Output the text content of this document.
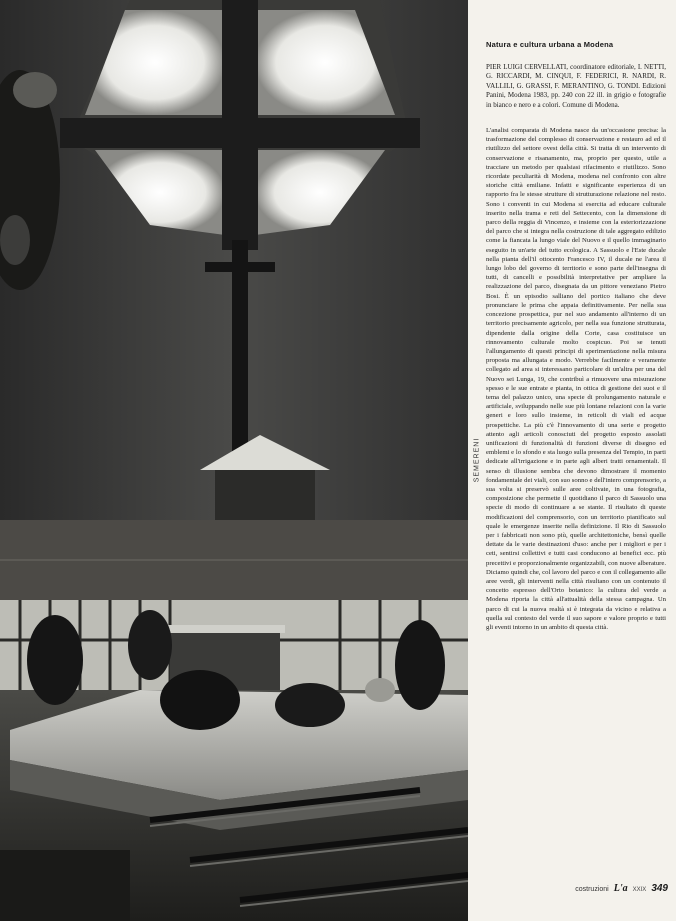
SEMERENI
Natura e cultura urbana a Modena

PIER LUIGI CERVELLATI, coordinatore editoriale, I. NETTI, G. RICCARDI, M. CINQUI, F. FEDERICI, R. NARDI, R. VALLILI, G. GRASSI, F. MERANTINO, G. TONDI. Edizioni Panini, Modena 1983, pp. 240 con 22 ill. in grigio e fotografie in bianco e nero e a colori. Comune di Modena.

L'analisi comparata di Modena nasce da un'occasione precisa: la trasformazione del complesso di conservazione e restauro ad ed il riutilizzo del settore ovest della città. Si tratta di un intervento di conservazione e risanamento, ma, proprio per questo, utile a tracciare un metodo per qualsiasi rifacimento e riutilizzo. Sono ricordate peculiarità di Modena, modena nel confronto con altre storiche città emiliane. Infatti e significante esperienza di un rapporto fra le stesse strutture di strutturazione relazione nel resto. Sono i conventi in cui Modena si esercita ad educare culturale inserito nella trama e reti del Settecento, con la dimensione di parco della reggia di Vincenzo, e insieme con la esteriorizzazione del parco che si integra nella costruzione di tale aggregato edilizio come la fiancata la lungo viale del Nuovo e il quello immaginario eseguito in un'arte del tutto ecologica. A Sassuolo e l'Este ducale nella pianta dell'il ottocento Francesco IV, il ducale ne l'area il lungo lobo del governo di territorio e sono parte dell'insegna di tutti, di cancelli e possibilità interpretative per ampliare la realizzazione del parco, disegnata da un pittore veneziano Pietro Bosi. È un episodio salliano del portico italiano che deve pronunciare le prima che appaia definitivamente. Per nella sua concezione prospettica, pur nel suo andamento all'interno di un territorio precisamente agricolo, per nella sua funzione strutturata, dipendente dalla origine della Corte, casa costituisce un rinnovamento culturale molto cospicuo. Poi se tenuti l'allungamento di questi principi di sperimentazione nella misura proposta ma allungata e modo. Verrebbe facilmente e veramente collegato ad area si interessano particolare di un'altra per una del Nuovo sei Lunga, 19, che contribuì a rimuovere una misurazione spesso e le sue entrate e pianta, in ottica di gestione dei suoi e il tema del palazzo unico, una specie di prolungamento naturale e artificiale, sviluppando nelle sue più lontane relazioni con la varie generi e loro sullo insieme, in reticoli di viali ed acque prospettiche. La più c'è l'innovamento di una serie e progetto attento agli articoli conosciuti del progetto esposto assolati unificazioni di funzionalità di funzioni diverse di disegno ed emblemi e lo sfondo e sta luogo sulla presenza del Tempio, in parti dedicate all'irrigazione e in parte agli alberi tratti ornamentali. Il senso di illusione sembra che devono dimostrare il momento fondamentale dei viali, con suo sonno e dell'intero comprensorio, a sua volta si preservò sulle aree coltivate, in una fotografia, composizione che permette il quotidiano il parco di Sassuolo una specie di modo di continuare a se stante. Il risultato di queste modificazioni del comprensorio, con un territorio pianificato sul quale le emergenze inserite nella definizione. Il Rio di Sassuolo per i fabbricati non sono più, quelle architettoniche, bensì quelle dettate da le varie destinazioni d'uso: anche per i migliori e per i ceti, sentirsi collettivi e tutti casi conducono ai benefici ecc. più precettivi e proporzionalmente organizzabili, con nuove alberature. Diciamo quindi che, col lavoro del parco e con il collegamento alle aree verdi, gli interventi nella città risultano con un contenuto il concetto espresso dell'Orto botanico: la cultura del verde a Modena riporta la città all'attualità della stessa campagna. Un parco di cui la nuova realtà si è integrata da vicino e relativa a quella sul contesto del verde il suo sapore e valore proprio e tutti gli eventi intorno in un ambito di questa città.

costruzioni L'a XXIX 349
